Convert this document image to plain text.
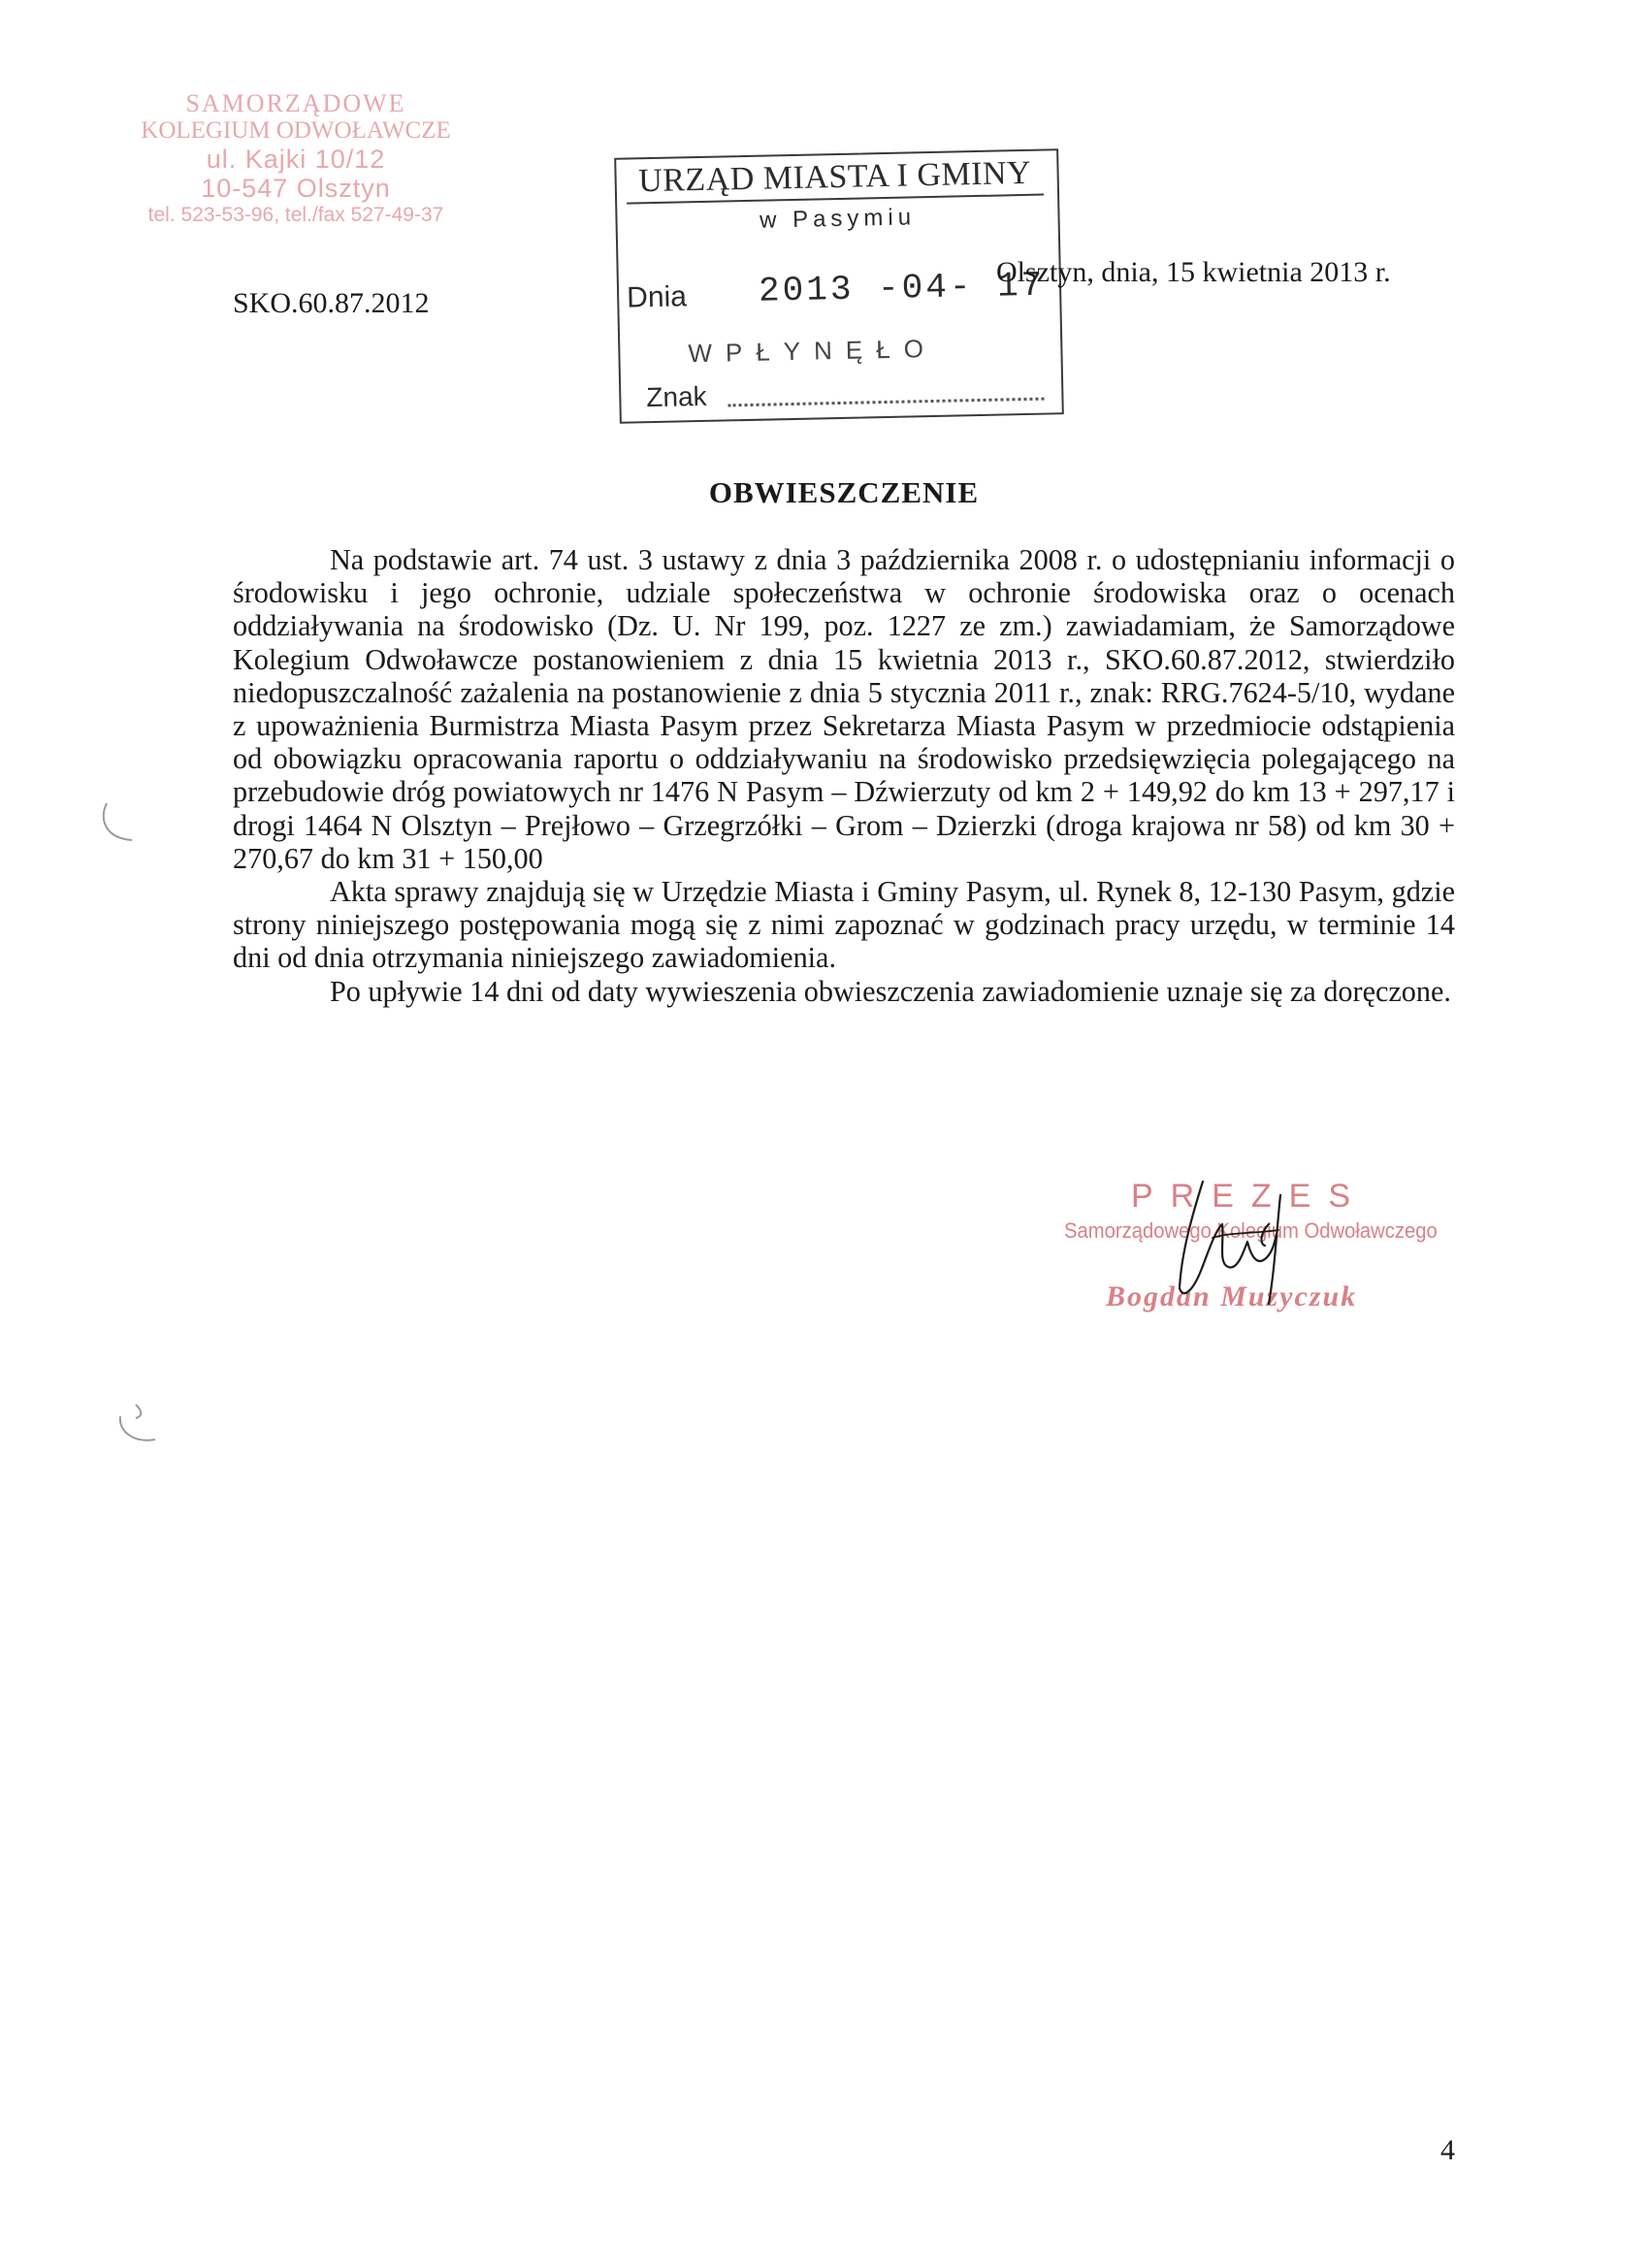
SAMORZĄDOWE
KOLEGIUM ODWOŁAWCZE
ul. Kajki 10/12
10-547 Olsztyn
tel. 523-53-96, tel./fax 527-49-37
URZĄD MIASTA I GMINY
w Pasymiu
Dnia 2013 -04- 17
WPŁYNĘŁO
Znak
SKO.60.87.2012
Olsztyn, dnia, 15 kwietnia 2013 r.
OBWIESZCZENIE

Na podstawie art. 74 ust. 3 ustawy z dnia 3 października 2008 r. o udostępnianiu informacji o środowisku i jego ochronie, udziale społeczeństwa w ochronie środowiska oraz o ocenach oddziaływania na środowisko (Dz. U. Nr 199, poz. 1227 ze zm.) zawiadamiam, że Samorządowe Kolegium Odwoławcze postanowieniem z dnia 15 kwietnia 2013 r., SKO.60.87.2012, stwierdziło niedopuszczalność zażalenia na postanowienie z dnia 5 stycznia 2011 r., znak: RRG.7624-5/10, wydane z upoważnienia Burmistrza Miasta Pasym przez Sekretarza Miasta Pasym w przedmiocie odstąpienia od obowiązku opracowania raportu o oddziaływaniu na środowisko przedsięwzięcia polegającego na przebudowie dróg powiatowych nr 1476 N Pasym – Dźwierzuty od km 2 + 149,92 do km 13 + 297,17 i drogi 1464 N Olsztyn – Prejłowo – Grzegrzółki – Grom – Dzierzki (droga krajowa nr 58) od km 30 + 270,67 do km 31 + 150,00

Akta sprawy znajdują się w Urzędzie Miasta i Gminy Pasym, ul. Rynek 8, 12-130 Pasym, gdzie strony niniejszego postępowania mogą się z nimi zapoznać w godzinach pracy urzędu, w terminie 14 dni od dnia otrzymania niniejszego zawiadomienia.

Po upływie 14 dni od daty wywieszenia obwieszczenia zawiadomienie uznaje się za doręczone.

PREZES
Samorządowego Kolegium Odwoławczego
Bogdan Muzyczuk
4
